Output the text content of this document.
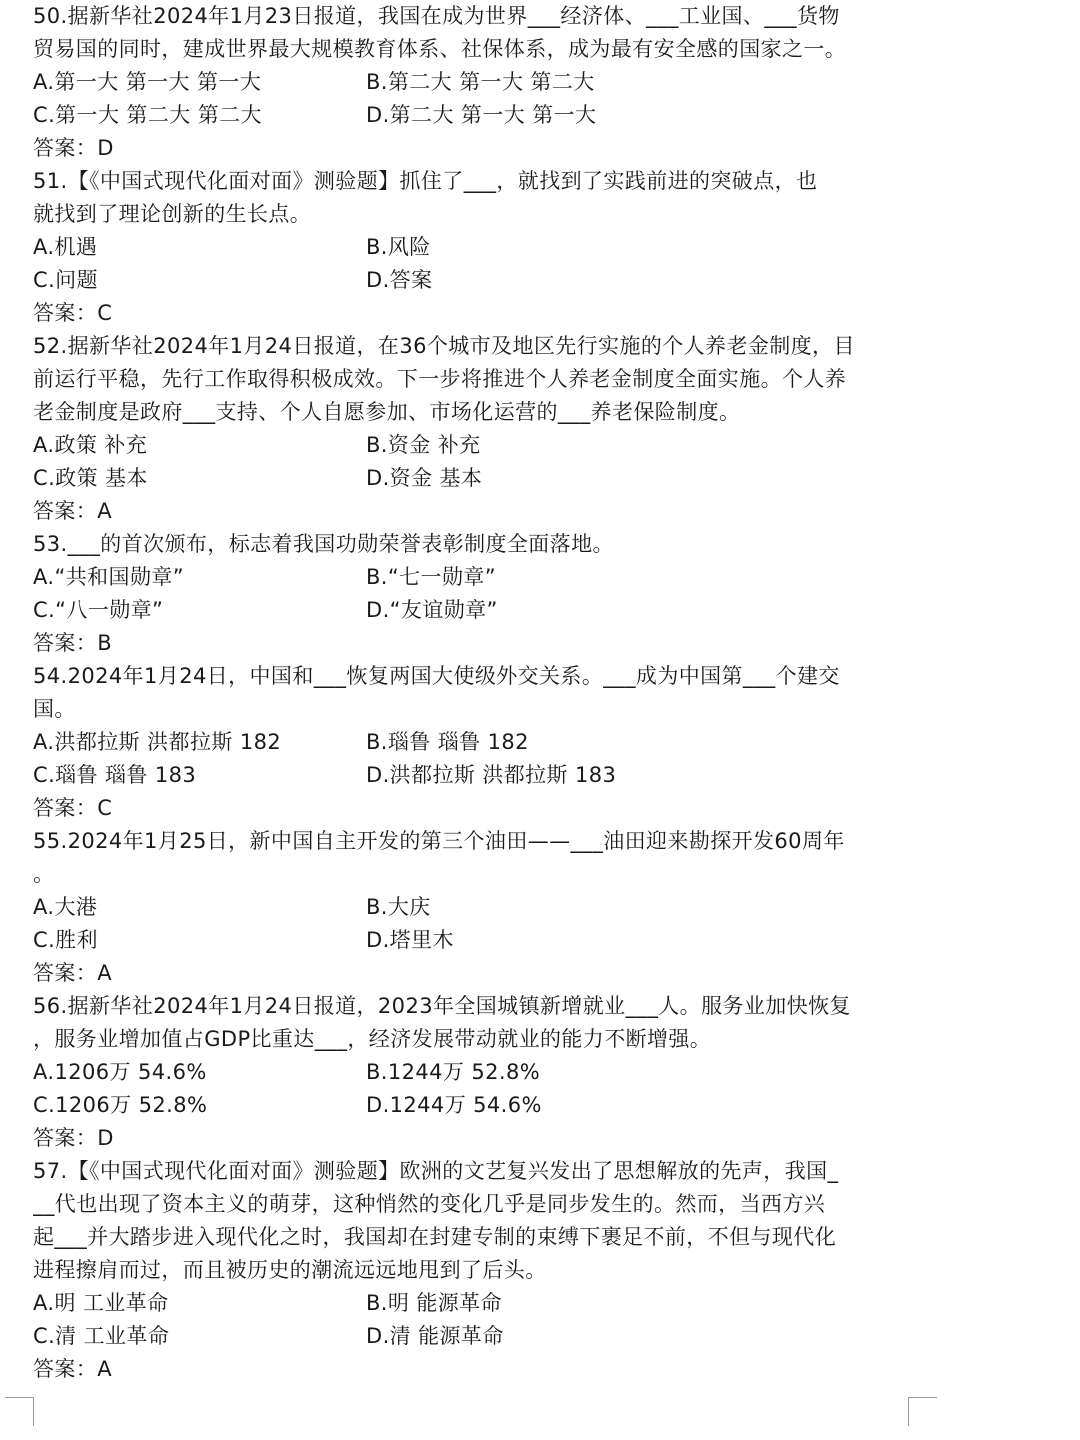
50.据新华社2024年1月23日报道，我国在成为世界___经济体、___工业国、___货物
贸易国的同时，建成世界最大规模教育体系、社保体系，成为最有安全感的国家之一。
A.第一大 第一大 第一大	B.第二大 第一大 第二大
C.第一大 第二大 第二大	D.第二大 第一大 第一大
答案：D
51.【《中国式现代化面对面》测验题】抓住了___，就找到了实践前进的突破点，也
就找到了理论创新的生长点。
A.机遇	B.风险
C.问题	D.答案
答案：C
52.据新华社2024年1月24日报道，在36个城市及地区先行实施的个人养老金制度，目
前运行平稳，先行工作取得积极成效。下一步将推进个人养老金制度全面实施。个人养
老金制度是政府___支持、个人自愿参加、市场化运营的___养老保险制度。
A.政策 补充	B.资金 补充
C.政策 基本	D.资金 基本
答案：A
53.___的首次颁布，标志着我国功勋荣誉表彰制度全面落地。
A.“共和国勋章”	B.“七一勋章”
C.“八一勋章”	D.“友谊勋章”
答案：B
54.2024年1月24日，中国和___恢复两国大使级外交关系。___成为中国第___个建交
国。
A.洪都拉斯 洪都拉斯 182	B.瑙鲁 瑙鲁 182
C.瑙鲁 瑙鲁 183	D.洪都拉斯 洪都拉斯 183
答案：C
55.2024年1月25日，新中国自主开发的第三个油田——___油田迎来勘探开发60周年
。
A.大港	B.大庆
C.胜利	D.塔里木
答案：A
56.据新华社2024年1月24日报道，2023年全国城镇新增就业___人。服务业加快恢复
，服务业增加值占GDP比重达___，经济发展带动就业的能力不断增强。
A.1206万 54.6%	B.1244万 52.8%
C.1206万 52.8%	D.1244万 54.6%
答案：D
57.【《中国式现代化面对面》测验题】欧洲的文艺复兴发出了思想解放的先声，我国_
__代也出现了资本主义的萌芽，这种悄然的变化几乎是同步发生的。然而，当西方兴
起___并大踏步进入现代化之时，我国却在封建专制的束缚下裹足不前，不但与现代化
进程擦肩而过，而且被历史的潮流远远地甩到了后头。
A.明 工业革命	B.明 能源革命
C.清 工业革命	D.清 能源革命
答案：A
